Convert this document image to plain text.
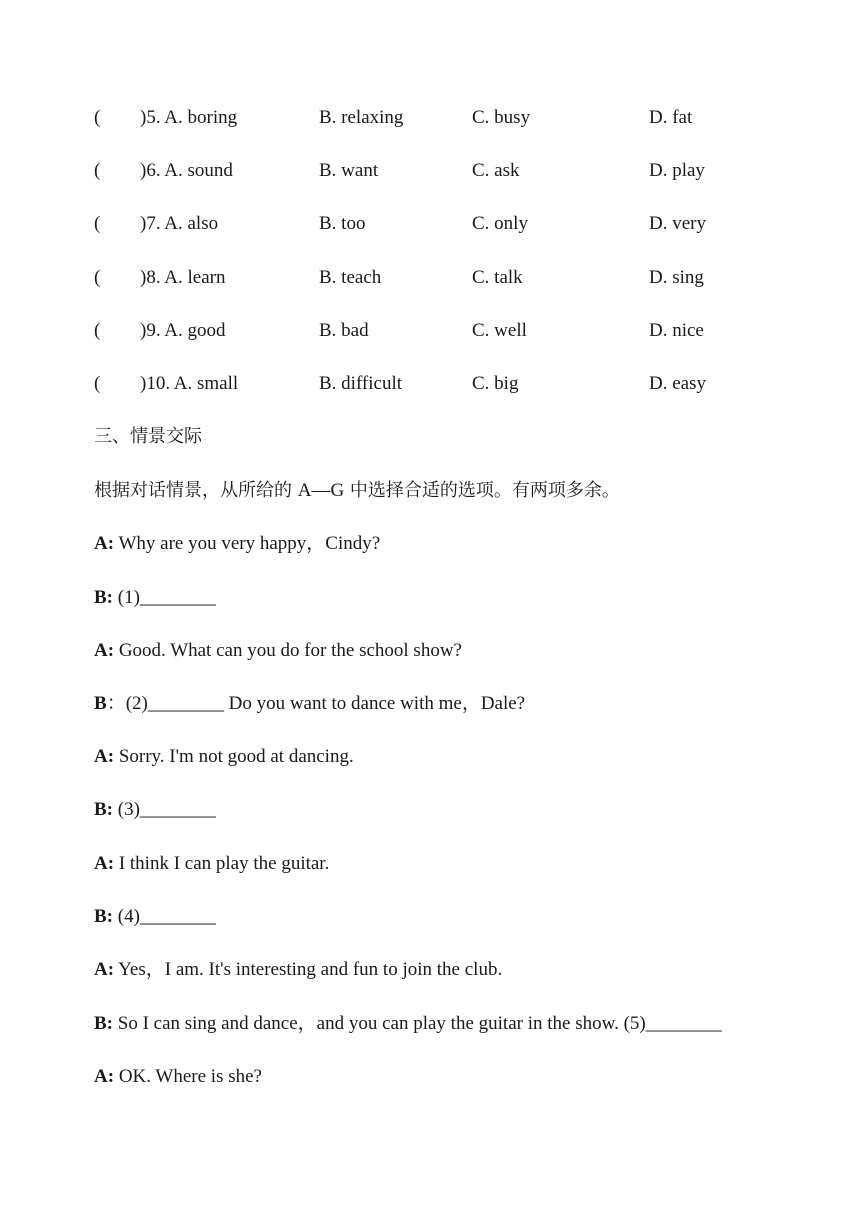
( )5. A. boring	B. relaxing	C. busy	D. fat
( )6. A. sound	B. want	C. ask	D. play
( )7. A. also	B. too	C. only	D. very
( )8. A. learn	B. teach	C. talk	D. sing
( )9. A. good	B. bad	C. well	D. nice
( )10. A. small	B. difficult	C. big	D. easy
三、情景交际
根据对话情景，从所给的 A—G 中选择合适的选项。有两项多余。
A: Why are you very happy，Cindy?
B: (1)________
A: Good. What can you do for the school show?
B：(2)________ Do you want to dance with me，Dale?
A: Sorry. I'm not good at dancing.
B: (3)________
A: I think I can play the guitar.
B: (4)________
A: Yes，I am. It's interesting and fun to join the club.
B: So I can sing and dance，and you can play the guitar in the show. (5)________
A: OK. Where is she?
